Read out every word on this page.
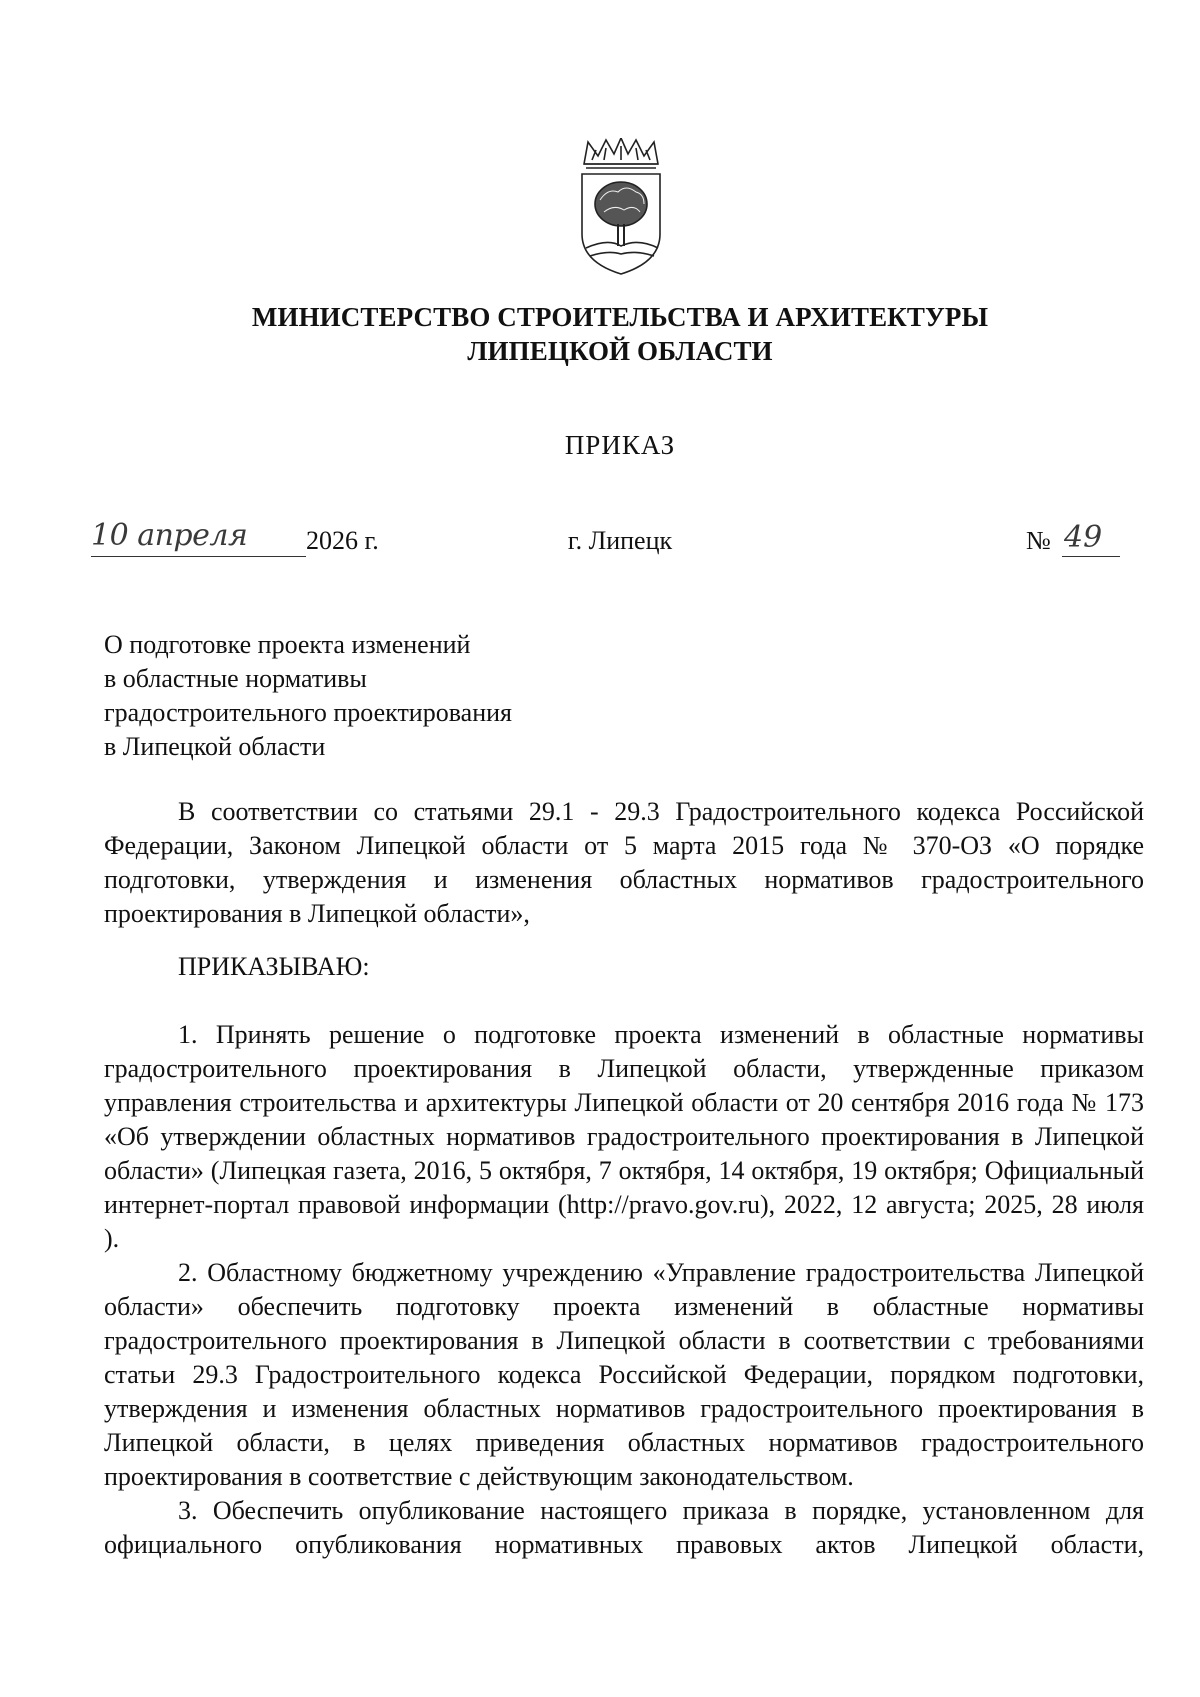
МИНИСТЕРСТВО СТРОИТЕЛЬСТВА И АРХИТЕКТУРЫ
ЛИПЕЦКОЙ ОБЛАСТИ
ПРИКАЗ
10 апреля 2026 г.	г. Липецк	№ 49
О подготовке проекта изменений
в областные нормативы
градостроительного проектирования
в Липецкой области

В соответствии со статьями 29.1 - 29.3 Градостроительного кодекса Российской Федерации, Законом Липецкой области от 5 марта 2015 года № 370-ОЗ «О порядке подготовки, утверждения и изменения областных нормативов градостроительного проектирования в Липецкой области»,

ПРИКАЗЫВАЮ:

1. Принять решение о подготовке проекта изменений в областные нормативы градостроительного проектирования в Липецкой области, утвержденные приказом управления строительства и архитектуры Липецкой области от 20 сентября 2016 года № 173 «Об утверждении областных нормативов градостроительного проектирования в Липецкой области» (Липецкая газета, 2016, 5 октября, 7 октября, 14 октября, 19 октября; Официальный интернет-портал правовой информации (http://pravo.gov.ru), 2022, 12 августа; 2025, 28 июля ).

2. Областному бюджетному учреждению «Управление градостроительства Липецкой области» обеспечить подготовку проекта изменений в областные нормативы градостроительного проектирования в Липецкой области в соответствии с требованиями статьи 29.3 Градостроительного кодекса Российской Федерации, порядком подготовки, утверждения и изменения областных нормативов градостроительного проектирования в Липецкой области, в целях приведения областных нормативов градостроительного проектирования в соответствие с действующим законодательством.

3. Обеспечить опубликование настоящего приказа в порядке, установленном для официального опубликования нормативных правовых актов Липецкой области,
